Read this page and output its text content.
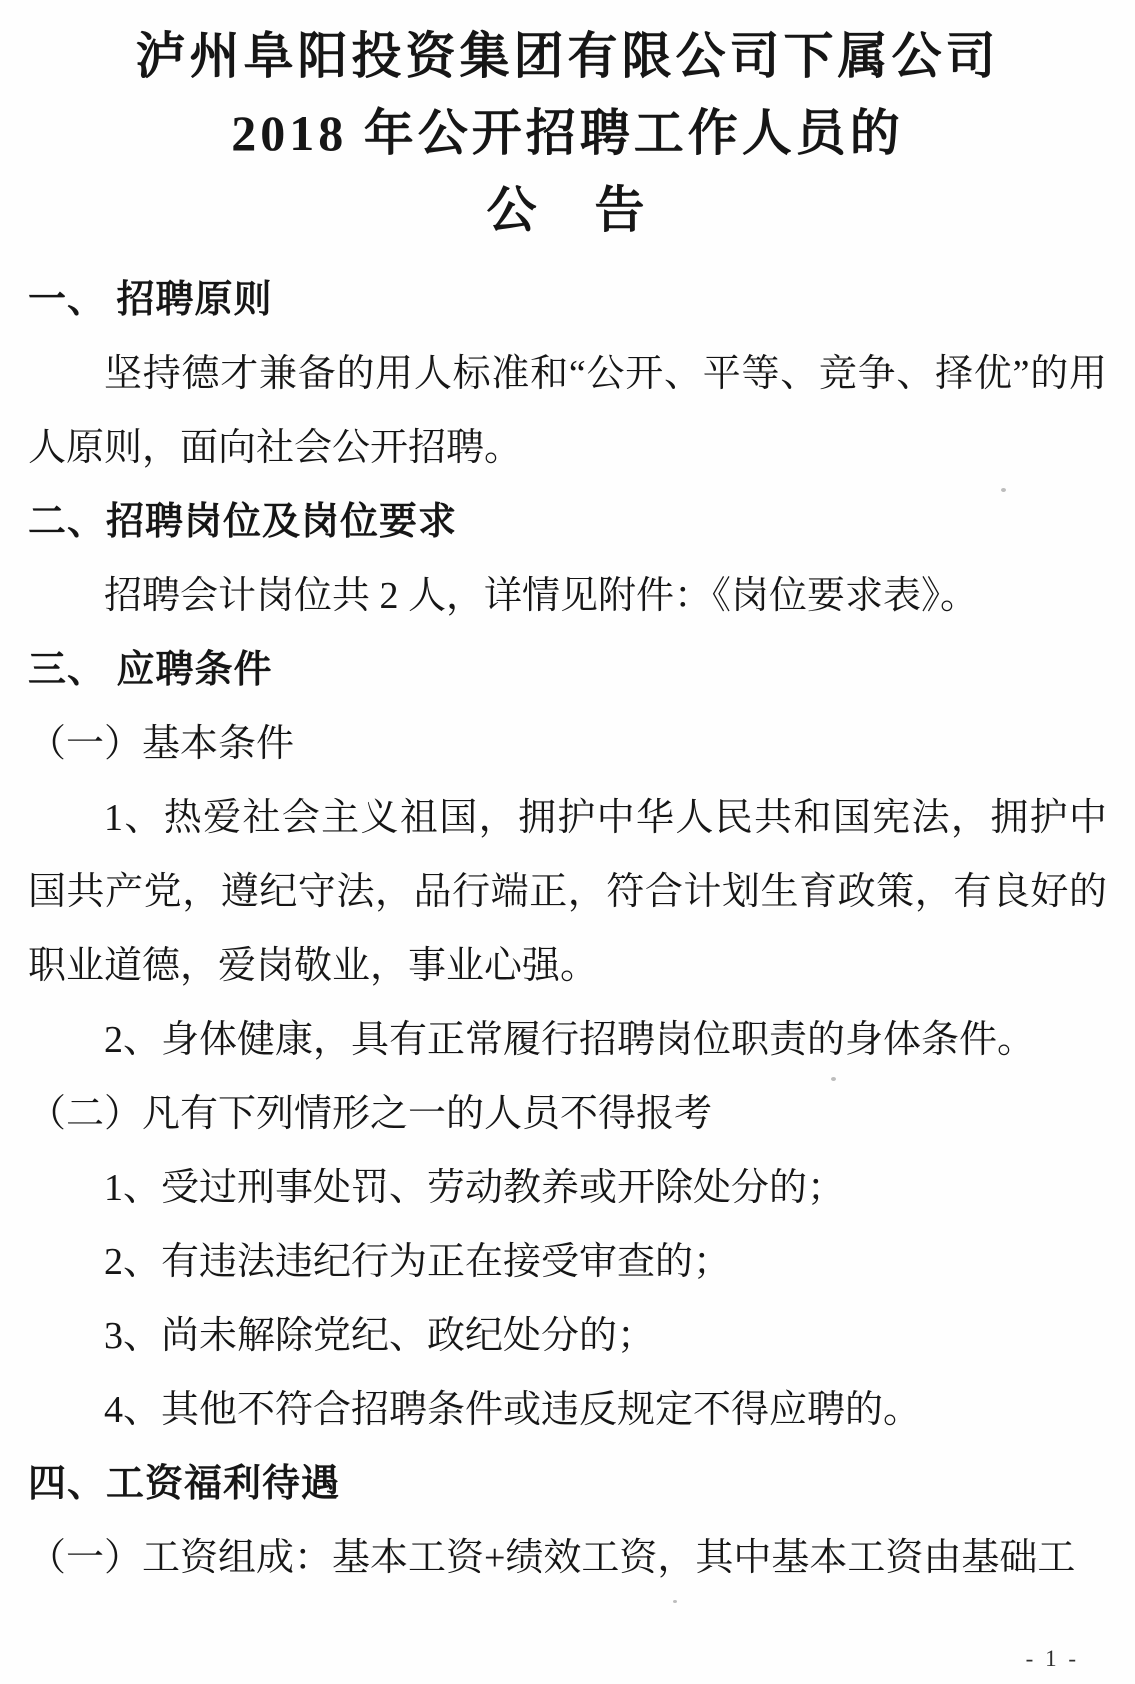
泸州阜阳投资集团有限公司下属公司
2018 年公开招聘工作人员的
公　告

一、 招聘原则

坚持德才兼备的用人标准和“公开、平等、竞争、择优”的用人原则，面向社会公开招聘。

二、招聘岗位及岗位要求

招聘会计岗位共 2 人，详情见附件：《岗位要求表》。

三、 应聘条件

（一）基本条件

1、热爱社会主义祖国，拥护中华人民共和国宪法，拥护中国共产党，遵纪守法，品行端正，符合计划生育政策，有良好的职业道德，爱岗敬业，事业心强。

2、身体健康，具有正常履行招聘岗位职责的身体条件。

（二）凡有下列情形之一的人员不得报考

1、受过刑事处罚、劳动教养或开除处分的；

2、有违法违纪行为正在接受审查的；

3、尚未解除党纪、政纪处分的；

4、其他不符合招聘条件或违反规定不得应聘的。

四、工资福利待遇

（一）工资组成：基本工资+绩效工资，其中基本工资由基础工

- 1 -
